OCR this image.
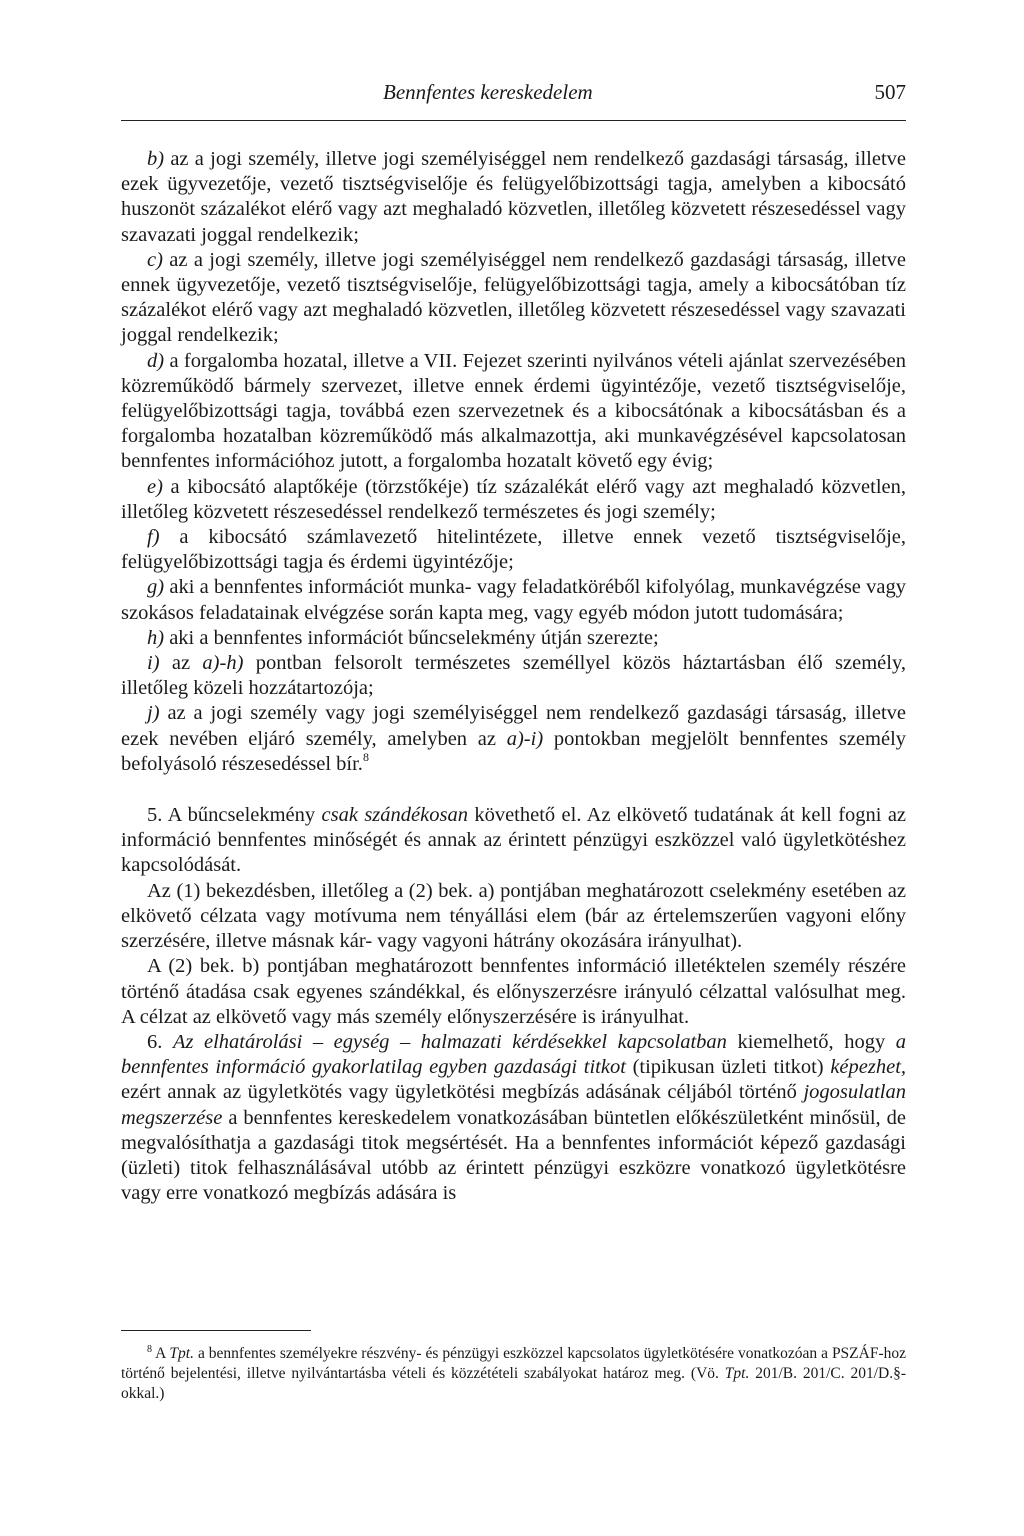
Bennfentes kereskedelem	507

b) az a jogi személy, illetve jogi személyiséggel nem rendelkező gazdasági társaság, illetve ezek ügyvezetője, vezető tisztségviselője és felügyelőbizottsági tagja, amelyben a kibocsátó huszonöt százalékot elérő vagy azt meghaladó közvetlen, illetőleg közvetett részesedéssel vagy szavazati joggal rendelkezik;

c) az a jogi személy, illetve jogi személyiséggel nem rendelkező gazdasági társaság, illetve ennek ügyvezetője, vezető tisztségviselője, felügyelőbizottsági tagja, amely a kibocsátóban tíz százalékot elérő vagy azt meghaladó közvetlen, illetőleg közvetett részesedéssel vagy szavazati joggal rendelkezik;

d) a forgalomba hozatal, illetve a VII. Fejezet szerinti nyilvános vételi ajánlat szervezésében közreműködő bármely szervezet, illetve ennek érdemi ügyintézője, vezető tisztségviselője, felügyelőbizottsági tagja, továbbá ezen szervezetnek és a kibocsátónak a kibocsátásban és a forgalomba hozatalban közreműködő más alkalmazottja, aki munkavégzésével kapcsolatosan bennfentes információhoz jutott, a forgalomba hozatalt követő egy évig;

e) a kibocsátó alaptőkéje (törzstőkéje) tíz százalékát elérő vagy azt meghaladó közvetlen, illetőleg közvetett részesedéssel rendelkező természetes és jogi személy;

f) a kibocsátó számlavezető hitelintézete, illetve ennek vezető tisztségviselője, felügyelőbizottsági tagja és érdemi ügyintézője;

g) aki a bennfentes információt munka- vagy feladatköréből kifolyólag, munkavégzése vagy szokásos feladatainak elvégzése során kapta meg, vagy egyéb módon jutott tudomására;

h) aki a bennfentes információt bűncselekmény útján szerezte;

i) az a)-h) pontban felsorolt természetes személlyel közös háztartásban élő személy, illetőleg közeli hozzátartozója;

j) az a jogi személy vagy jogi személyiséggel nem rendelkező gazdasági társaság, illetve ezek nevében eljáró személy, amelyben az a)-i) pontokban megjelölt bennfentes személy befolyásoló részesedéssel bír.$^8$

5. A bűncselekmény csak szándékosan követhető el. Az elkövető tudatának át kell fogni az információ bennfentes minőségét és annak az érintett pénzügyi eszközzel való ügyletkötéshez kapcsolódását.

Az (1) bekezdésben, illetőleg a (2) bek. a) pontjában meghatározott cselekmény esetében az elkövető célzata vagy motívuma nem tényállási elem (bár az értelemszerűen vagyoni előny szerzésére, illetve másnak kár- vagy vagyoni hátrány okozására irányulhat).

A (2) bek. b) pontjában meghatározott bennfentes információ illetéktelen személy részére történő átadása csak egyenes szándékkal, és előnyszerzésre irányuló célzattal valósulhat meg. A célzat az elkövető vagy más személy előnyszerzésére is irányulhat.

6. Az elhatárolási – egység – halmazati kérdésekkel kapcsolatban kiemelhető, hogy a bennfentes információ gyakorlatilag egyben gazdasági titkot (tipikusan üzleti titkot) képezhet, ezért annak az ügyletkötés vagy ügyletkötési megbízás adásának céljából történő jogosulatlan megszerzése a bennfentes kereskedelem vonatkozásában büntetlen előkészületként minősül, de megvalósíthatja a gazdasági titok megsértését. Ha a bennfentes információt képező gazdasági (üzleti) titok felhasználásával utóbb az érintett pénzügyi eszközre vonatkozó ügyletkötésre vagy erre vonatkozó megbízás adására is

$^8$ A Tpt. a bennfentes személyekre részvény- és pénzügyi eszközzel kapcsolatos ügyletkötésére vonatkozóan a PSZÁF-hoz történő bejelentési, illetve nyilvántartásba vételi és közzétételi szabályokat határoz meg. (Vö. Tpt. 201/B. 201/C. 201/D.§-okkal.)
